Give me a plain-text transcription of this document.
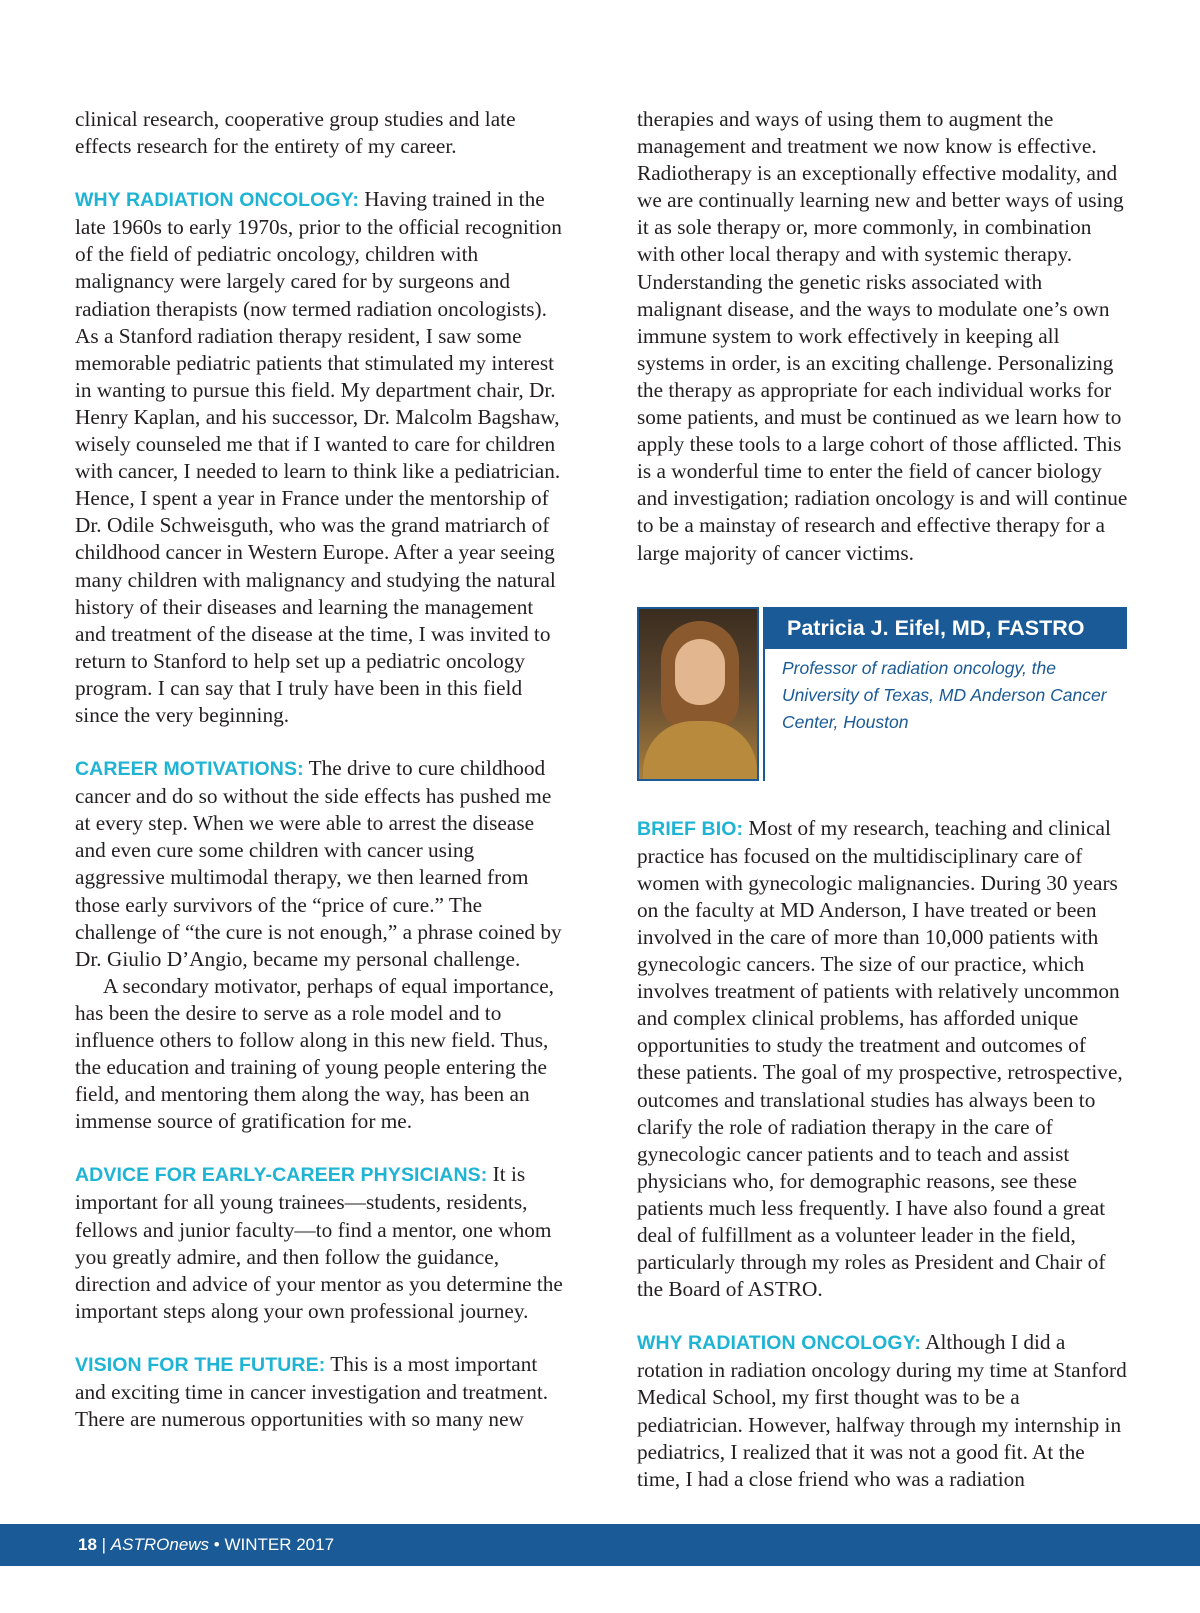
clinical research, cooperative group studies and late effects research for the entirety of my career.

WHY RADIATION ONCOLOGY: Having trained in the late 1960s to early 1970s, prior to the official recognition of the field of pediatric oncology, children with malignancy were largely cared for by surgeons and radiation therapists (now termed radiation oncologists). As a Stanford radiation therapy resident, I saw some memorable pediatric patients that stimulated my interest in wanting to pursue this field. My department chair, Dr. Henry Kaplan, and his successor, Dr. Malcolm Bagshaw, wisely counseled me that if I wanted to care for children with cancer, I needed to learn to think like a pediatrician. Hence, I spent a year in France under the mentorship of Dr. Odile Schweisguth, who was the grand matriarch of childhood cancer in Western Europe. After a year seeing many children with malignancy and studying the natural history of their diseases and learning the management and treatment of the disease at the time, I was invited to return to Stanford to help set up a pediatric oncology program. I can say that I truly have been in this field since the very beginning.

CAREER MOTIVATIONS: The drive to cure childhood cancer and do so without the side effects has pushed me at every step. When we were able to arrest the disease and even cure some children with cancer using aggressive multimodal therapy, we then learned from those early survivors of the “price of cure.” The challenge of “the cure is not enough,” a phrase coined by Dr. Giulio D’Angio, became my personal challenge.

A secondary motivator, perhaps of equal importance, has been the desire to serve as a role model and to influence others to follow along in this new field. Thus, the education and training of young people entering the field, and mentoring them along the way, has been an immense source of gratification for me.

ADVICE FOR EARLY-CAREER PHYSICIANS: It is important for all young trainees—students, residents, fellows and junior faculty—to find a mentor, one whom you greatly admire, and then follow the guidance, direction and advice of your mentor as you determine the important steps along your own professional journey.

VISION FOR THE FUTURE: This is a most important and exciting time in cancer investigation and treatment. There are numerous opportunities with so many new

therapies and ways of using them to augment the management and treatment we now know is effective. Radiotherapy is an exceptionally effective modality, and we are continually learning new and better ways of using it as sole therapy or, more commonly, in combination with other local therapy and with systemic therapy. Understanding the genetic risks associated with malignant disease, and the ways to modulate one’s own immune system to work effectively in keeping all systems in order, is an exciting challenge. Personalizing the therapy as appropriate for each individual works for some patients, and must be continued as we learn how to apply these tools to a large cohort of those afflicted. This is a wonderful time to enter the field of cancer biology and investigation; radiation oncology is and will continue to be a mainstay of research and effective therapy for a large majority of cancer victims.

Patricia J. Eifel, MD, FASTRO
Professor of radiation oncology, the University of Texas, MD Anderson Cancer Center, Houston

BRIEF BIO: Most of my research, teaching and clinical practice has focused on the multidisciplinary care of women with gynecologic malignancies. During 30 years on the faculty at MD Anderson, I have treated or been involved in the care of more than 10,000 patients with gynecologic cancers. The size of our practice, which involves treatment of patients with relatively uncommon and complex clinical problems, has afforded unique opportunities to study the treatment and outcomes of these patients. The goal of my prospective, retrospective, outcomes and translational studies has always been to clarify the role of radiation therapy in the care of gynecologic cancer patients and to teach and assist physicians who, for demographic reasons, see these patients much less frequently. I have also found a great deal of fulfillment as a volunteer leader in the field, particularly through my roles as President and Chair of the Board of ASTRO.

WHY RADIATION ONCOLOGY: Although I did a rotation in radiation oncology during my time at Stanford Medical School, my first thought was to be a pediatrician. However, halfway through my internship in pediatrics, I realized that it was not a good fit. At the time, I had a close friend who was a radiation

18 | ASTROnews • WINTER 2017
